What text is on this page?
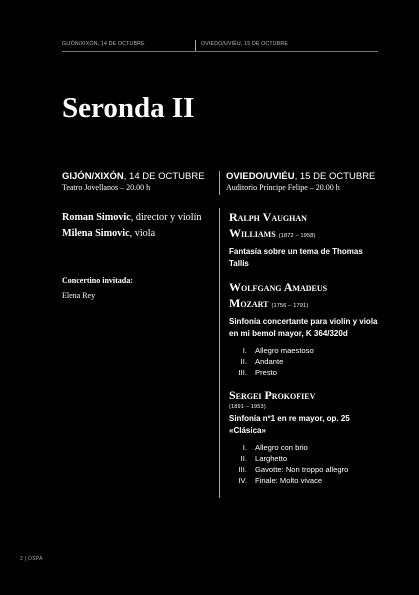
GIJÓN/XIXÓN, 14 DE OCTUBRE	OVIEDO/UVIÉU, 15 DE OCTUBRE
Seronda II
GIJÓN/XIXÓN, 14 DE OCTUBRE
Teatro Jovellanos – 20.00 h
OVIEDO/UVIÉU, 15 DE OCTUBRE
Auditorio Príncipe Felipe – 20.00 h
Roman Simovic, director y violín
Milena Simovic, viola
Concertino invitada:
Elena Rey
Ralph Vaughan
Williams (1872 – 1958)
Fantasía sobre un tema de Thomas Tallis
Wolfgang Amadeus
Mozart (1756 – 1791)
Sinfonía concertante para violín y viola en mi bemol mayor, K 364/320d
I. Allegro maestoso
II. Andante
III. Presto
Sergei Prokofiev
(1891 – 1953)
Sinfonía nº1 en re mayor, op. 25 «Clásica»
I. Allegro con brio
II. Larghetto
III. Gavotte: Non troppo allegro
IV. Finale: Molto vivace
2 | OSPA
